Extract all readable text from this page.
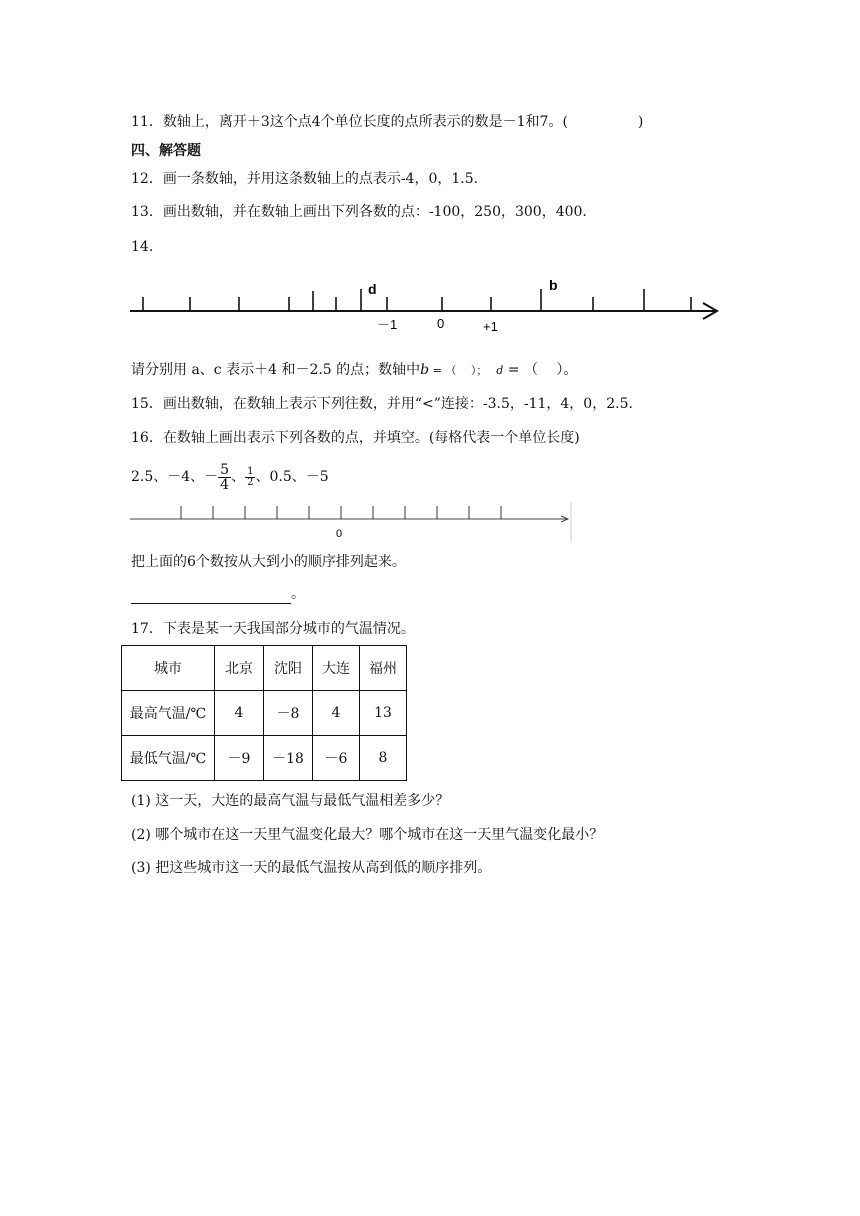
11．数轴上，离开＋3这个点4个单位长度的点所表示的数是－1和7。(　　　　　)
四、解答题
12．画一条数轴，并用这条数轴上的点表示-4，0，1.5．
13．画出数轴，并在数轴上画出下列各数的点：-100，250，300，400．
14．
d	b
－1	0	+1
请分别用 a、c 表示＋4 和－2.5 的点；数轴中b = （　 ）； d = （　 ）。
15．画出数轴，在数轴上表示下列往数，并用“<”连接：-3.5，-11，4，0，2.5．
16．在数轴上画出表示下列各数的点，并填空。(每格代表一个单位长度)
2.5、－4、－ $\frac{5}{4}$ 、 $\frac{1}{2}$ 、0.5、－5
0
把上面的6个数按从大到小的顺序排列起来。
。
17．下表是某一天我国部分城市的气温情况。
城市	北京	沈阳	大连	福州
最高气温/℃	4	－8	4	13
最低气温/℃	－9	－18	－6	8
(1) 这一天，大连的最高气温与最低气温相差多少？
(2) 哪个城市在这一天里气温变化最大？哪个城市在这一天里气温变化最小？
(3) 把这些城市这一天的最低气温按从高到低的顺序排列。
